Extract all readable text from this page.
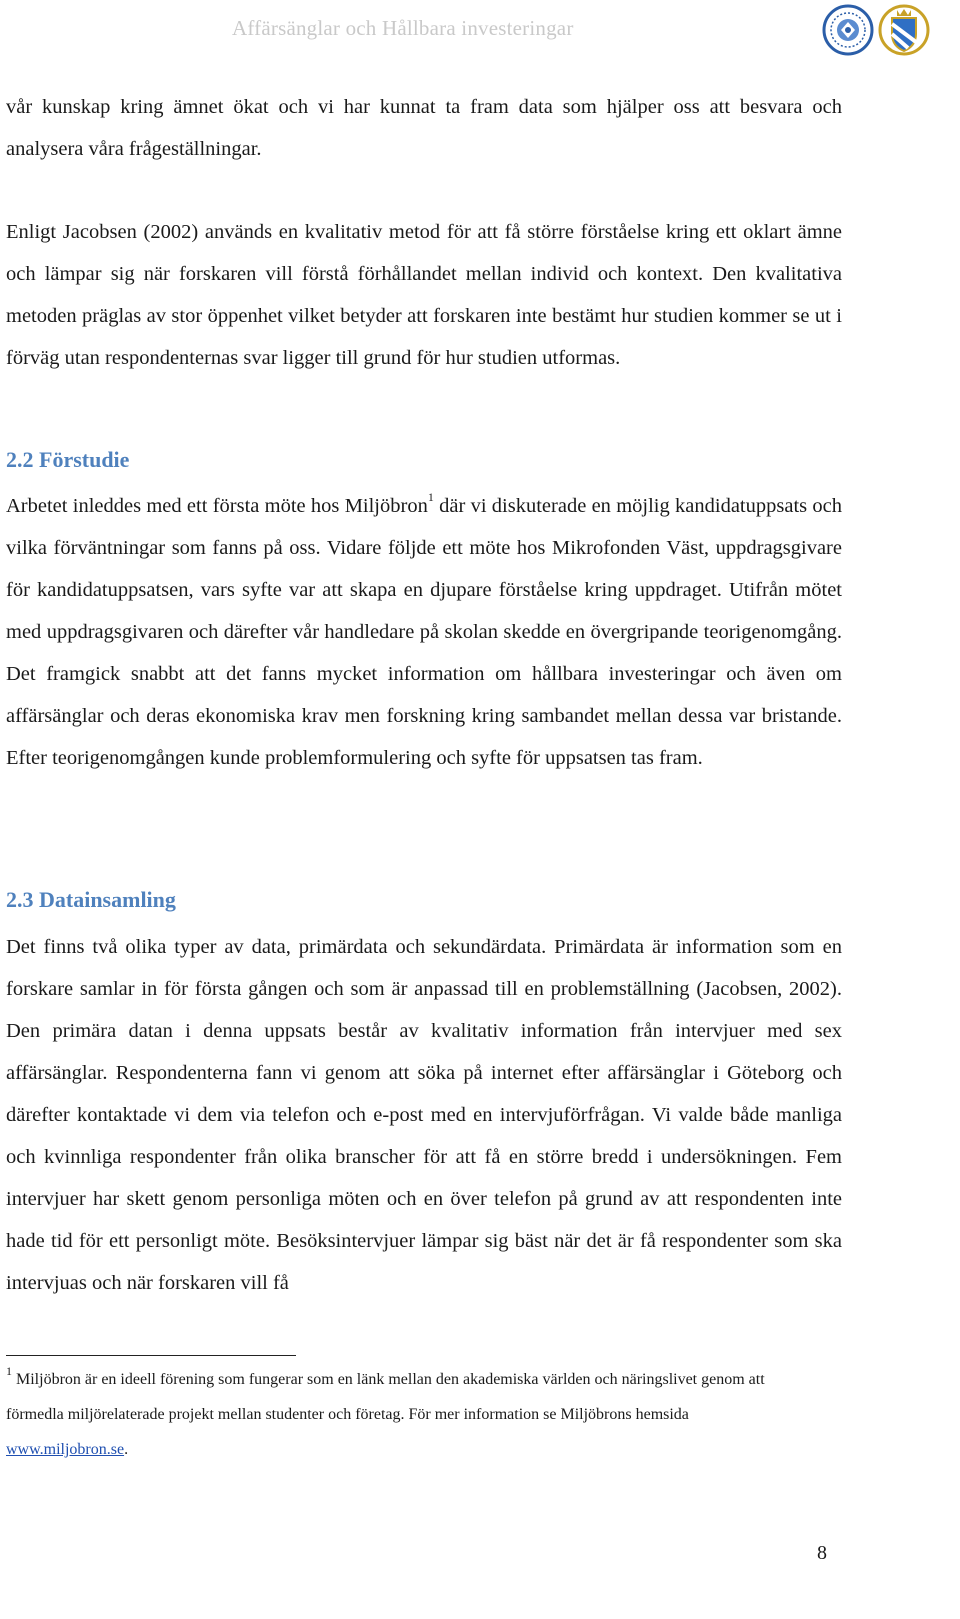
Affärsänglar och Hållbara investeringar

vår kunskap kring ämnet ökat och vi har kunnat ta fram data som hjälper oss att besvara och analysera våra frågeställningar.

Enligt Jacobsen (2002) används en kvalitativ metod för att få större förståelse kring ett oklart ämne och lämpar sig när forskaren vill förstå förhållandet mellan individ och kontext. Den kvalitativa metoden präglas av stor öppenhet vilket betyder att forskaren inte bestämt hur studien kommer se ut i förväg utan respondenternas svar ligger till grund för hur studien utformas.

2.2 Förstudie

Arbetet inleddes med ett första möte hos Miljöbron$^1$ där vi diskuterade en möjlig kandidatuppsats och vilka förväntningar som fanns på oss. Vidare följde ett möte hos Mikrofonden Väst, uppdragsgivare för kandidatuppsatsen, vars syfte var att skapa en djupare förståelse kring uppdraget. Utifrån mötet med uppdragsgivaren och därefter vår handledare på skolan skedde en övergripande teorigenomgång. Det framgick snabbt att det fanns mycket information om hållbara investeringar och även om affärsänglar och deras ekonomiska krav men forskning kring sambandet mellan dessa var bristande. Efter teorigenomgången kunde problemformulering och syfte för uppsatsen tas fram.

2.3 Datainsamling

Det finns två olika typer av data, primärdata och sekundärdata. Primärdata är information som en forskare samlar in för första gången och som är anpassad till en problemställning (Jacobsen, 2002). Den primära datan i denna uppsats består av kvalitativ information från intervjuer med sex affärsänglar. Respondenterna fann vi genom att söka på internet efter affärsänglar i Göteborg och därefter kontaktade vi dem via telefon och e-post med en intervjuförfrågan. Vi valde både manliga och kvinnliga respondenter från olika branscher för att få en större bredd i undersökningen. Fem intervjuer har skett genom personliga möten och en över telefon på grund av att respondenten inte hade tid för ett personligt möte. Besöksintervjuer lämpar sig bäst när det är få respondenter som ska intervjuas och när forskaren vill få

$^1$ Miljöbron är en ideell förening som fungerar som en länk mellan den akademiska världen och näringslivet genom att förmedla miljörelaterade projekt mellan studenter och företag. För mer information se Miljöbrons hemsida www.miljobron.se.

8
